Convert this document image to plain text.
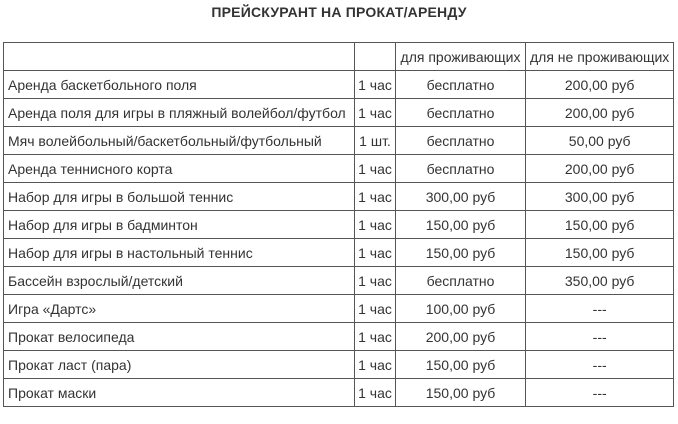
ПРЕЙСКУРАНТ НА ПРОКАТ/АРЕНДУ
		для проживающих	для не проживающих
Аренда баскетбольного поля	1 час	бесплатно	200,00 руб
Аренда поля для игры в пляжный волейбол/футбол	1 час	бесплатно	200,00 руб
Мяч волейбольный/баскетбольный/футбольный	1 шт.	бесплатно	50,00 руб
Аренда теннисного корта	1 час	бесплатно	200,00 руб
Набор для игры в большой теннис	1 час	300,00 руб	300,00 руб
Набор для игры в бадминтон	1 час	150,00 руб	150,00 руб
Набор для игры в настольный теннис	1 час	150,00 руб	150,00 руб
Бассейн взрослый/детский	1 час	бесплатно	350,00 руб
Игра «Дартс»	1 час	100,00 руб	---
Прокат велосипеда	1 час	200,00 руб	---
Прокат ласт (пара)	1 час	150,00 руб	---
Прокат маски	1 час	150,00 руб	---
